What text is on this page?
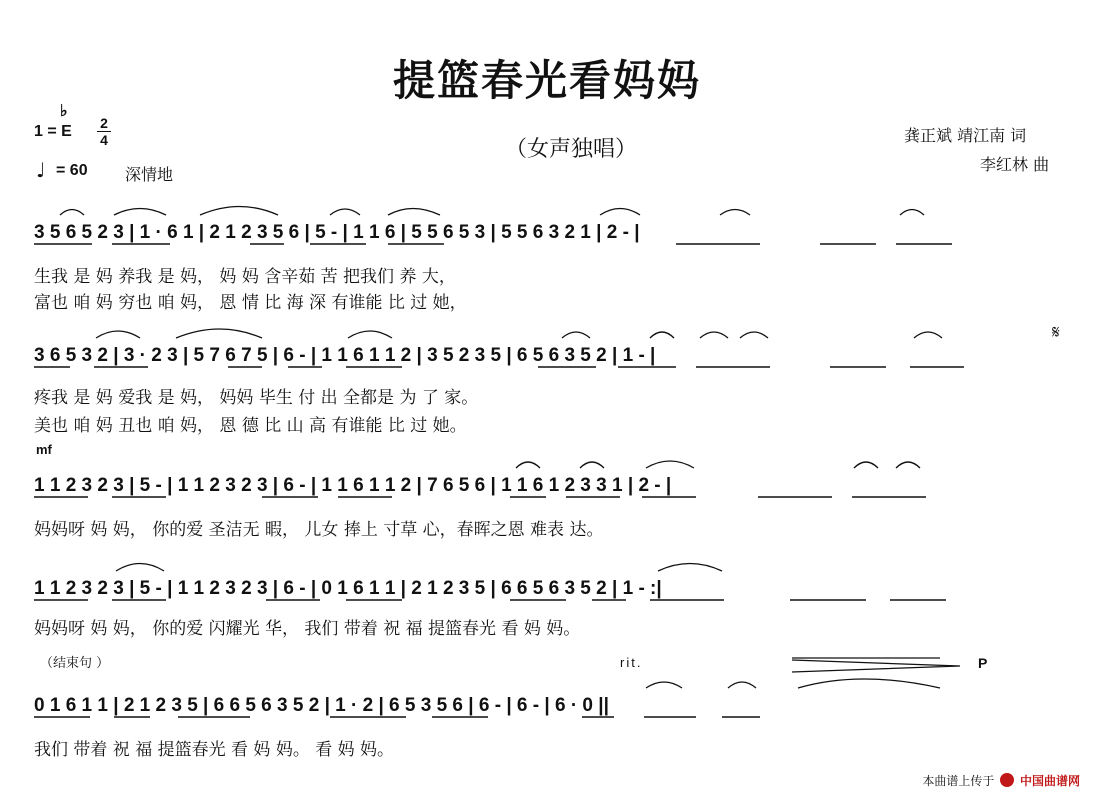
提篮春光看妈妈
（女声独唱）
♭
1 = E 2
4
♩ = 60 深情地
龚正斌 靖江南 词
李红林 曲
mf
（结束句 ）	rit.	P
𝄋
3 5 6 5 2 3 | 1 · 6 1 | 2 1 2 3 5 6 | 5 - | 1 1 6 | 5 5 6 5 3 | 5 5 6 3 2 1 | 2 - |
生我 是 妈 养我 是 妈， 妈 妈 含辛茹 苦 把我们 养 大，
富也 咱 妈 穷也 咱 妈， 恩 情 比 海 深 有谁能 比 过 她，
3 6 5 3 2 | 3 · 2 3 | 5 7 6 7 5 | 6 - | 1 1 6 1 1 2 | 3 5 2 3 5 | 6 5 6 3 5 2 | 1 - |
疼我 是 妈 爱我 是 妈， 妈妈 毕生 付 出 全都是 为 了 家。
美也 咱 妈 丑也 咱 妈， 恩 德 比 山 高 有谁能 比 过 她。
1 1 2 3 2 3 | 5 - | 1 1 2 3 2 3 | 6 - | 1 1 6 1 1 2 | 7 6 5 6 | 1 1 6 1 2 3 3 1 | 2 - |
妈妈呀 妈 妈， 你的爱 圣洁无 暇， 儿女 捧上 寸草 心，春晖之恩 难表 达。
1 1 2 3 2 3 | 5 - | 1 1 2 3 2 3 | 6 - | 0 1 6 1 1 | 2 1 2 3 5 | 6 6 5 6 3 5 2 | 1 - :|
妈妈呀 妈 妈， 你的爱 闪耀光 华， 我们 带着 祝 福 提篮春光 看 妈 妈。
0 1 6 1 1 | 2 1 2 3 5 | 6 6 5 6 3 5 2 | 1 · 2 | 6 5 3 5 6 | 6 - | 6 - | 6 · 0 ||
我们 带着 祝 福 提篮春光 看 妈 妈。 看 妈 妈。
本曲谱上传于 中国曲谱网
